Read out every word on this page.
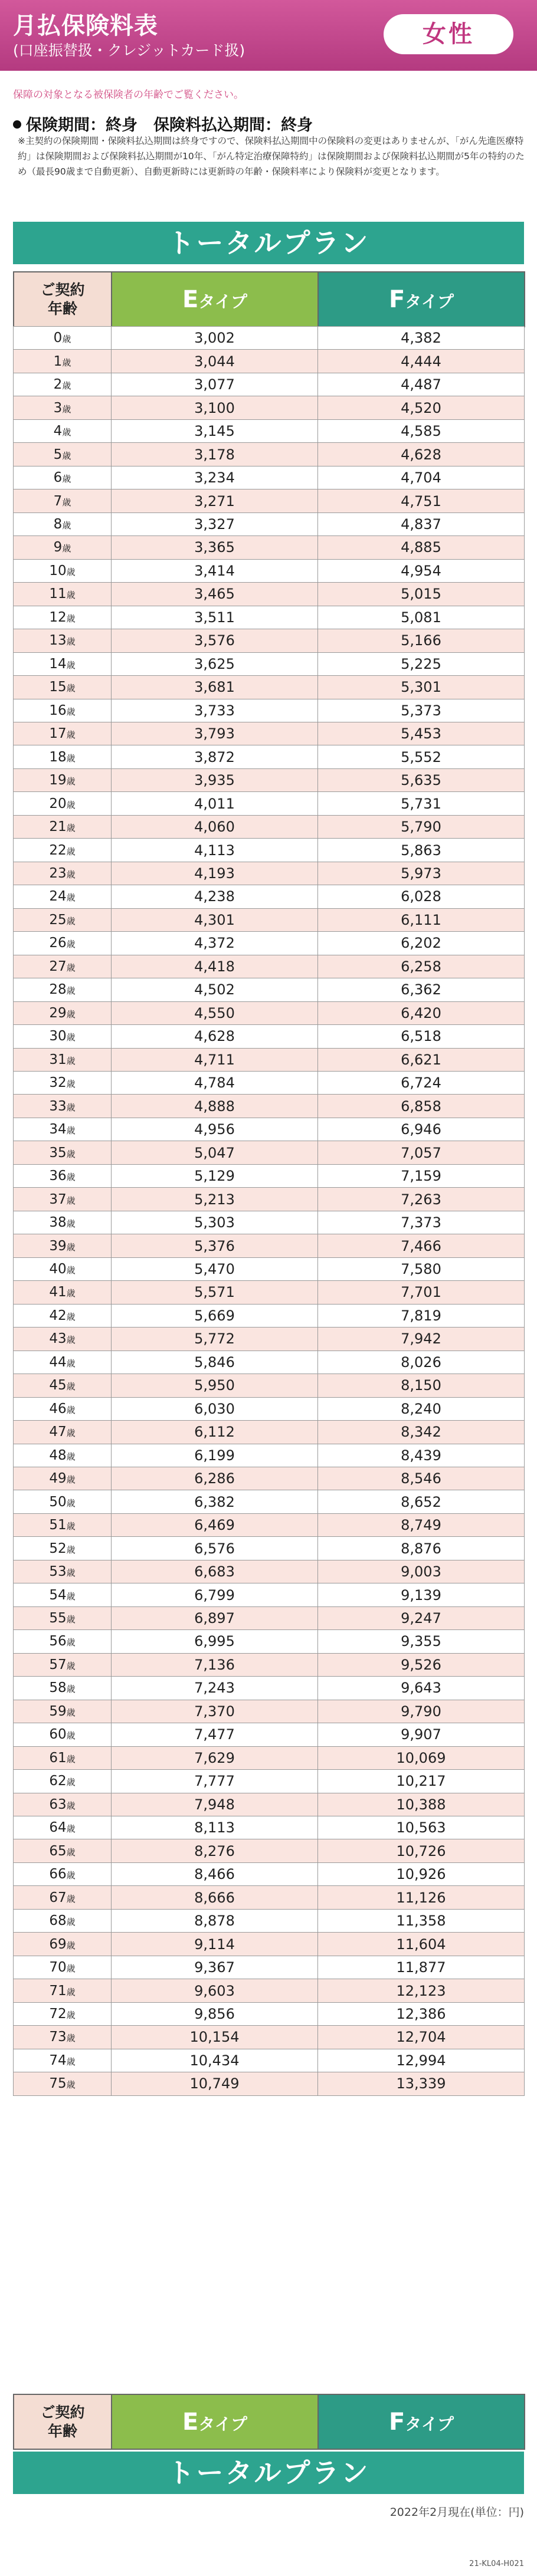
月払保険料表
(口座振替扱・クレジットカード扱)
女性
保障の対象となる被保険者の年齢でご覧ください。
保険期間：終身　保険料払込期間：終身
※主契約の保険期間・保険料払込期間は終身ですので、保険料払込期間中の保険料の変更はありませんが、「がん先進医療特約」は保険期間および保険料払込期間が10年、「がん特定治療保障特約」は保険期間および保険料払込期間が5年の特約のため（最長90歳まで自動更新）、自動更新時には更新時の年齢・保険料率により保険料が変更となります。
トータルプラン
ご契約
年齢	Eタイプ	Fタイプ
0歳	3,002	4,382
1歳	3,044	4,444
2歳	3,077	4,487
3歳	3,100	4,520
4歳	3,145	4,585
5歳	3,178	4,628
6歳	3,234	4,704
7歳	3,271	4,751
8歳	3,327	4,837
9歳	3,365	4,885
10歳	3,414	4,954
11歳	3,465	5,015
12歳	3,511	5,081
13歳	3,576	5,166
14歳	3,625	5,225
15歳	3,681	5,301
16歳	3,733	5,373
17歳	3,793	5,453
18歳	3,872	5,552
19歳	3,935	5,635
20歳	4,011	5,731
21歳	4,060	5,790
22歳	4,113	5,863
23歳	4,193	5,973
24歳	4,238	6,028
25歳	4,301	6,111
26歳	4,372	6,202
27歳	4,418	6,258
28歳	4,502	6,362
29歳	4,550	6,420
30歳	4,628	6,518
31歳	4,711	6,621
32歳	4,784	6,724
33歳	4,888	6,858
34歳	4,956	6,946
35歳	5,047	7,057
36歳	5,129	7,159
37歳	5,213	7,263
38歳	5,303	7,373
39歳	5,376	7,466
40歳	5,470	7,580
41歳	5,571	7,701
42歳	5,669	7,819
43歳	5,772	7,942
44歳	5,846	8,026
45歳	5,950	8,150
46歳	6,030	8,240
47歳	6,112	8,342
48歳	6,199	8,439
49歳	6,286	8,546
50歳	6,382	8,652
51歳	6,469	8,749
52歳	6,576	8,876
53歳	6,683	9,003
54歳	6,799	9,139
55歳	6,897	9,247
56歳	6,995	9,355
57歳	7,136	9,526
58歳	7,243	9,643
59歳	7,370	9,790
60歳	7,477	9,907
61歳	7,629	10,069
62歳	7,777	10,217
63歳	7,948	10,388
64歳	8,113	10,563
65歳	8,276	10,726
66歳	8,466	10,926
67歳	8,666	11,126
68歳	8,878	11,358
69歳	9,114	11,604
70歳	9,367	11,877
71歳	9,603	12,123
72歳	9,856	12,386
73歳	10,154	12,704
74歳	10,434	12,994
75歳	10,749	13,339
ご契約
年齢	Eタイプ	Fタイプ
トータルプラン
2022年2月現在(単位：円)
21-KL04-H021
